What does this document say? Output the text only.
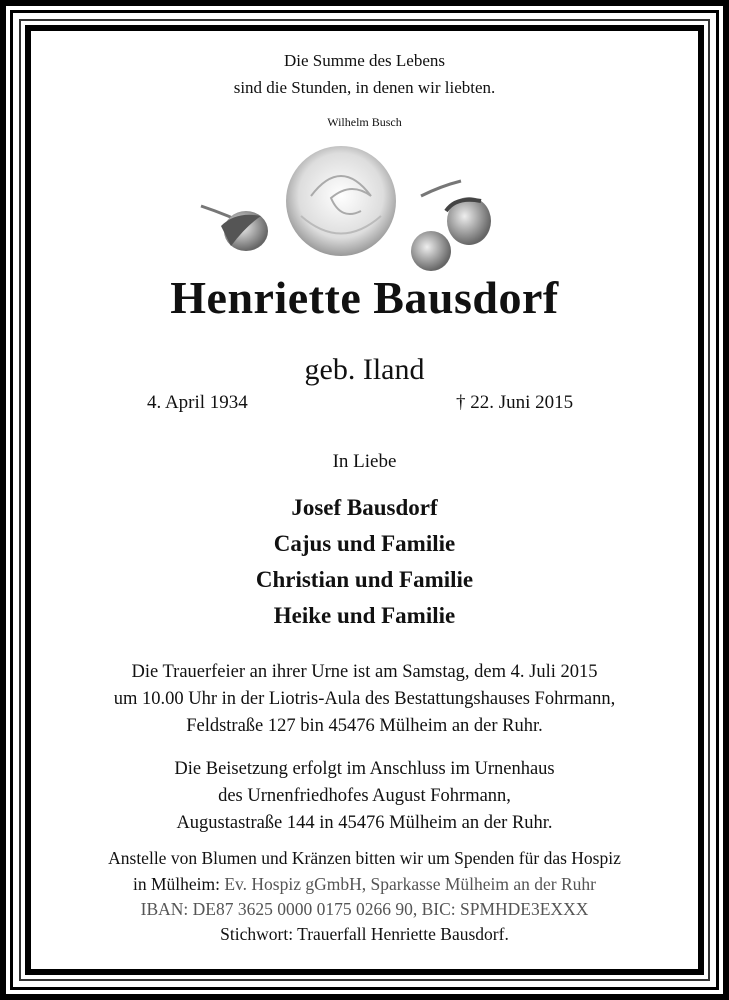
Die Summe des Lebens
sind die Stunden, in denen wir liebten.
Wilhelm Busch
Henriette Bausdorf
geb. Iland
4. April 1934	† 22. Juni 2015
In Liebe
Josef Bausdorf
Cajus und Familie
Christian und Familie
Heike und Familie
Die Trauerfeier an ihrer Urne ist am Samstag, dem 4. Juli 2015
um 10.00 Uhr in der Liotris-Aula des Bestattungshauses Fohrmann,
Feldstraße 127 bin 45476 Mülheim an der Ruhr.
Die Beisetzung erfolgt im Anschluss im Urnenhaus
des Urnenfriedhofes August Fohrmann,
Augustastraße 144 in 45476 Mülheim an der Ruhr.
Anstelle von Blumen und Kränzen bitten wir um Spenden für das Hospiz
in Mülheim: Ev. Hospiz gGmbH, Sparkasse Mülheim an der Ruhr
IBAN: DE87 3625 0000 0175 0266 90, BIC: SPMHDE3EXXX
Stichwort: Trauerfall Henriette Bausdorf.
